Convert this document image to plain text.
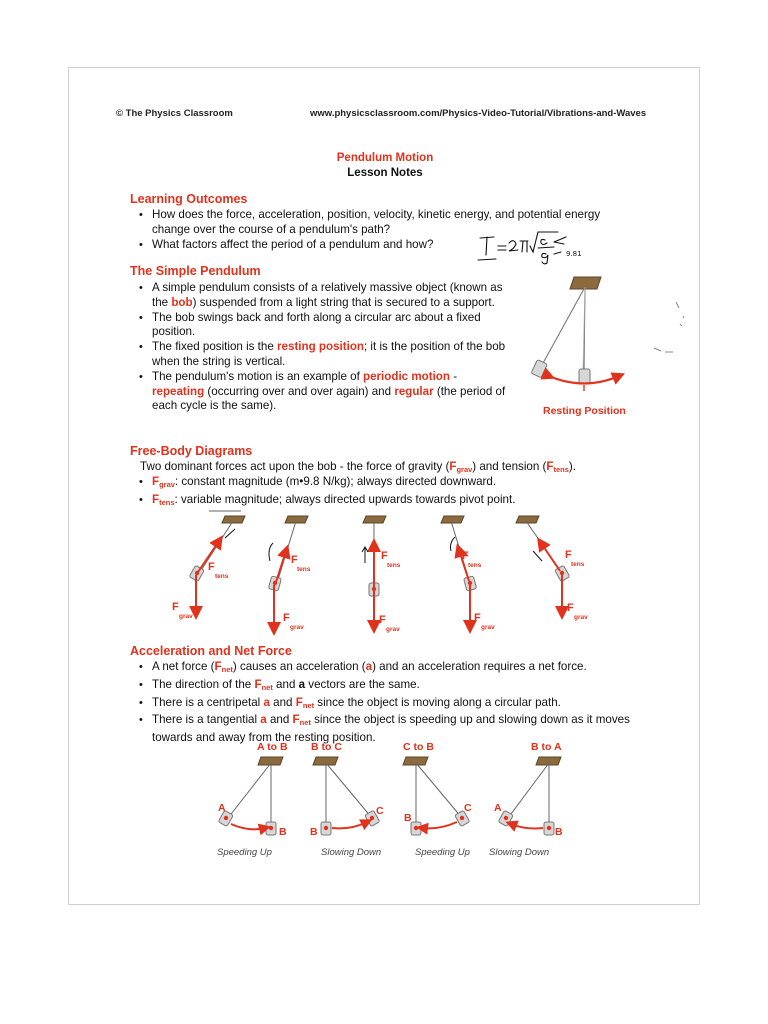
© The Physics Classroom	www.physicsclassroom.com/Physics-Video-Tutorial/Vibrations-and-Waves
Pendulum Motion
Lesson Notes
Learning Outcomes
• How does the force, acceleration, position, velocity, kinetic energy, and potential energy change over the course of a pendulum's path?
• What factors affect the period of a pendulum and how?
9.81
The Simple Pendulum
• A simple pendulum consists of a relatively massive object (known as the bob) suspended from a light string that is secured to a support.
• The bob swings back and forth along a circular arc about a fixed position.
• The fixed position is the resting position; it is the position of the bob when the string is vertical.
• The pendulum's motion is an example of periodic motion - repeating (occurring over and over again) and regular (the period of each cycle is the same).	Resting Position
Free-Body Diagrams
Two dominant forces act upon the bob - the force of gravity $(F_{grav})$ and tension $(F_{tens})$.
• $F_{grav}$: constant magnitude (m•9.8 N/kg); always directed downward.
• $F_{tens}$: variable magnitude; always directed upwards towards pivot point.
F
tens
F
grav
F
tens
F
grav
F
tens
F
grav
F
tens
F
grav
F
tens
F
grav
Acceleration and Net Force
• A net force $(F_{net})$ causes an acceleration (a) and an acceleration requires a net force.
• The direction of the $F_{net}$ and a vectors are the same.
• There is a centripetal a and $F_{net}$ since the object is moving along a circular path.
• There is a tangential a and $F_{net}$ since the object is speeding up and slowing down as it moves towards and away from the resting position.
A to B B to C	C to B	B to A
A
B B
C
B
C A
B
Speeding Up	Slowing Down	Speeding Up Slowing Down
